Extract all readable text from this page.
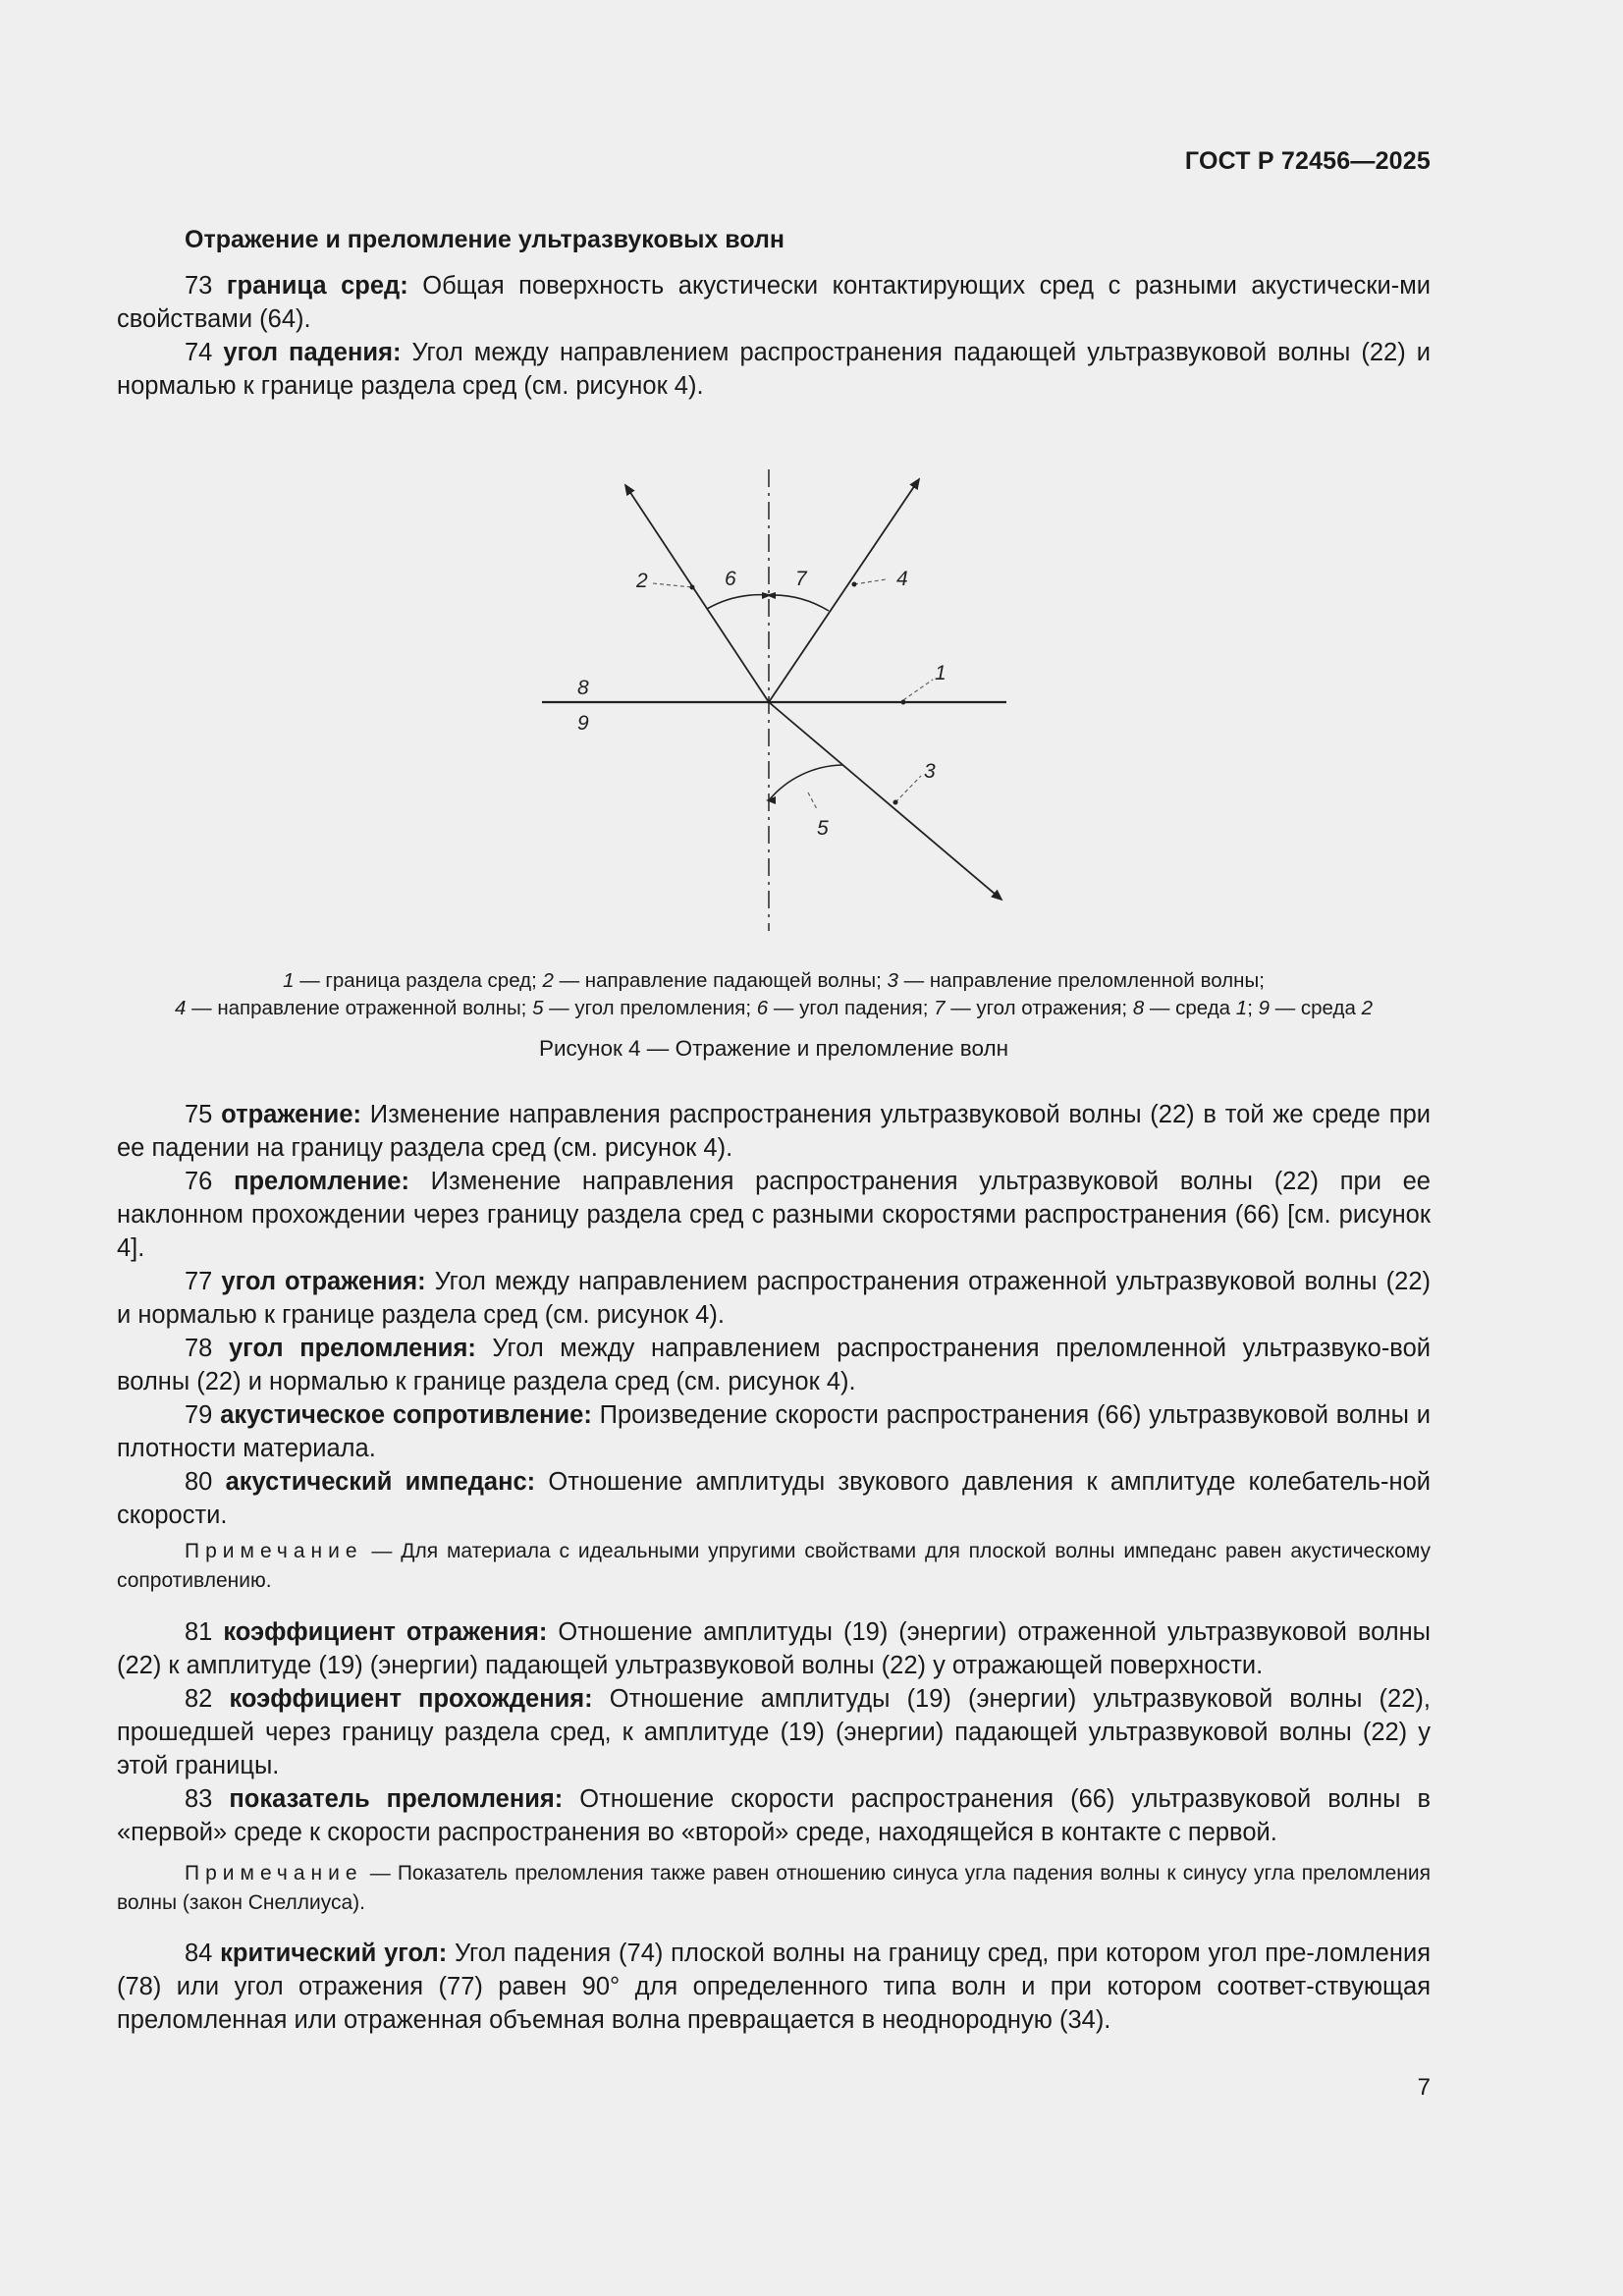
ГОСТ Р 72456—2025
Отражение и преломление ультразвуковых волн

73 граница сред: Общая поверхность акустически контактирующих сред с разными акустически-ми свойствами (64).

74 угол падения: Угол между направлением распространения падающей ультразвуковой волны (22) и нормалью к границе раздела сред (см. рисунок 4).

1
2
3
4
5
6	7
8
9
1 — граница раздела сред; 2 — направление падающей волны; 3 — направление преломленной волны;
4 — направление отраженной волны; 5 — угол преломления; 6 — угол падения; 7 — угол отражения; 8 — среда 1; 9 — среда 2
Рисунок 4 — Отражение и преломление волн

75 отражение: Изменение направления распространения ультразвуковой волны (22) в той же среде при ее падении на границу раздела сред (см. рисунок 4).

76 преломление: Изменение направления распространения ультразвуковой волны (22) при ее наклонном прохождении через границу раздела сред с разными скоростями распространения (66) [см. рисунок 4].

77 угол отражения: Угол между направлением распространения отраженной ультразвуковой волны (22) и нормалью к границе раздела сред (см. рисунок 4).

78 угол преломления: Угол между направлением распространения преломленной ультразвуко-вой волны (22) и нормалью к границе раздела сред (см. рисунок 4).

79 акустическое сопротивление: Произведение скорости распространения (66) ультразвуковой волны и плотности материала.

80 акустический импеданс: Отношение амплитуды звукового давления к амплитуде колебатель-ной скорости.

Примечание — Для материала с идеальными упругими свойствами для плоской волны импеданс равен акустическому сопротивлению.

81 коэффициент отражения: Отношение амплитуды (19) (энергии) отраженной ультразвуковой волны (22) к амплитуде (19) (энергии) падающей ультразвуковой волны (22) у отражающей поверхности.

82 коэффициент прохождения: Отношение амплитуды (19) (энергии) ультразвуковой волны (22), прошедшей через границу раздела сред, к амплитуде (19) (энергии) падающей ультразвуковой волны (22) у этой границы.

83 показатель преломления: Отношение скорости распространения (66) ультразвуковой волны в «первой» среде к скорости распространения во «второй» среде, находящейся в контакте с первой.

Примечание — Показатель преломления также равен отношению синуса угла падения волны к синусу угла преломления волны (закон Снеллиуса).

84 критический угол: Угол падения (74) плоской волны на границу сред, при котором угол пре-ломления (78) или угол отражения (77) равен 90° для определенного типа волн и при котором соответ-ствующая преломленная или отраженная объемная волна превращается в неоднородную (34).

7
